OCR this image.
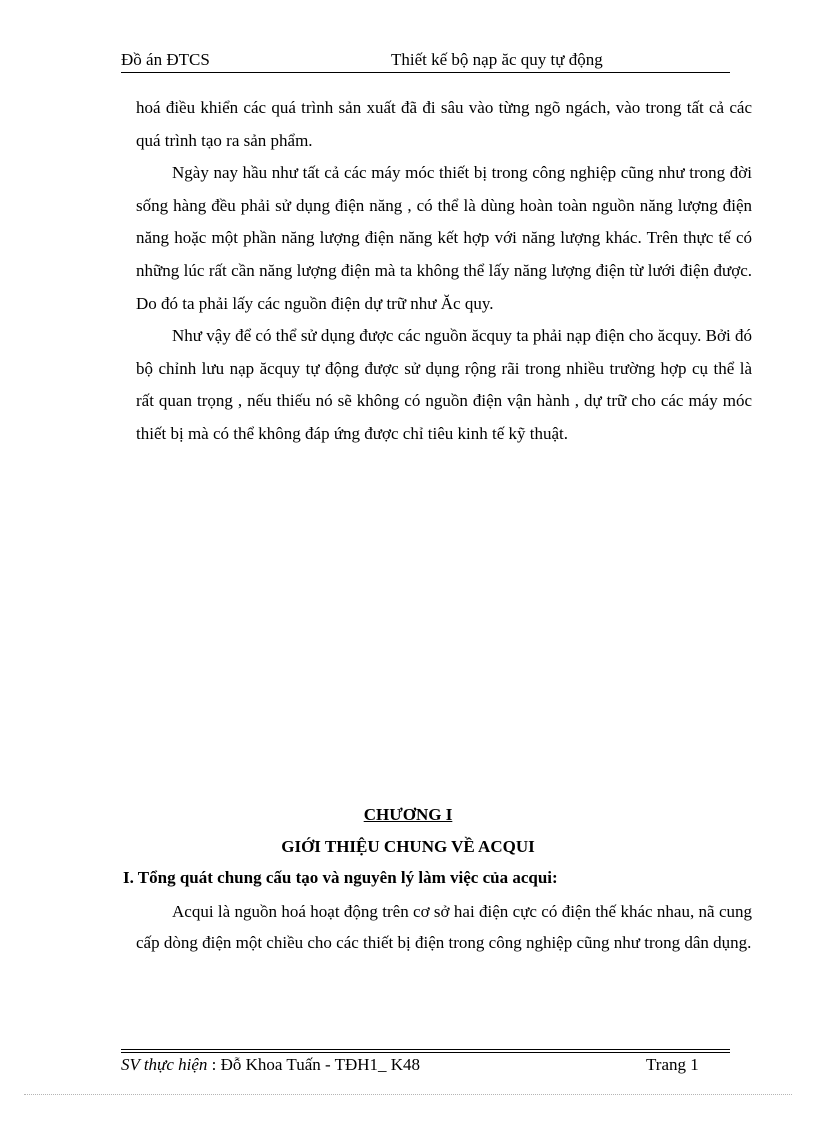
Đồ án ĐTCS	Thiết kế bộ nạp ăc quy tự động

hoá điều khiển các quá trình sản xuất đã đi sâu vào từng ngõ ngách, vào trong tất cả các quá trình tạo ra sản phẩm.

Ngày nay hầu như tất cả các máy móc thiết bị trong công nghiệp cũng như trong đời sống hàng đều phải sử dụng điện năng , có thể là dùng hoàn toàn nguồn năng lượng điện năng hoặc một phần năng lượng điện năng kết hợp với năng lượng khác. Trên thực tế có những lúc rất cần năng lượng điện mà ta không thể lấy năng lượng điện từ lưới điện được. Do đó ta phải lấy các nguồn điện dự trữ như Ăc quy.

Như vậy để có thể sử dụng được các nguồn ăcquy ta phải nạp điện cho ăcquy. Bởi đó bộ chỉnh lưu nạp ăcquy tự động được sử dụng rộng rãi trong nhiều trường hợp cụ thể là rất quan trọng , nếu thiếu nó sẽ không có nguồn điện vận hành , dự trữ cho các máy móc thiết bị mà có thể không đáp ứng được chỉ tiêu kinh tế kỹ thuật.

CHƯƠNG I
GIỚI THIỆU CHUNG VỀ ACQUI
I. Tổng quát chung cấu tạo và nguyên lý làm việc của acqui:

Acqui là nguồn hoá hoạt động trên cơ sở hai điện cực có điện thế khác nhau, nã cung cấp dòng điện một chiều cho các thiết bị điện trong công nghiệp cũng như trong dân dụng.

SV thực hiện : Đỗ Khoa Tuấn - TĐH1_ K48	Trang 1
